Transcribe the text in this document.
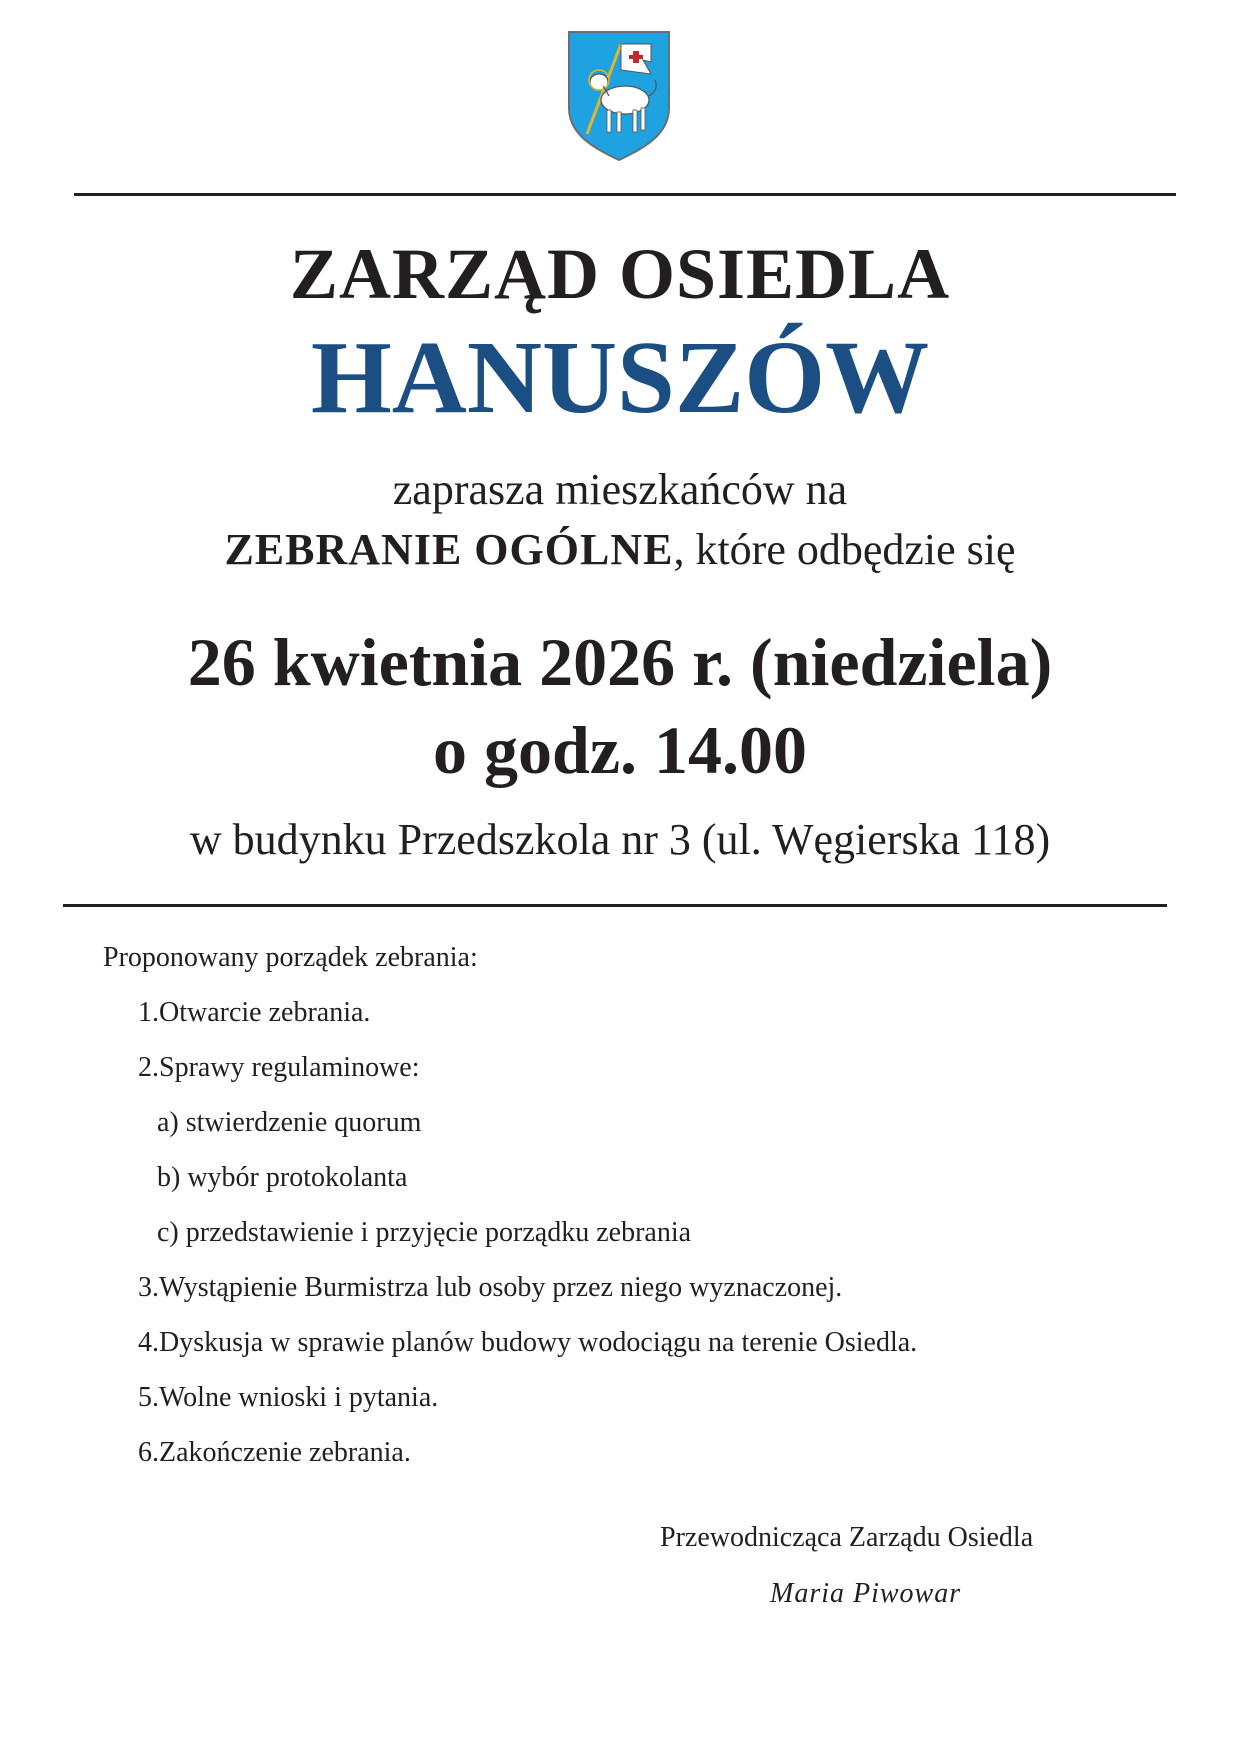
ZARZĄD OSIEDLA
HANUSZÓW
zaprasza mieszkańców na
ZEBRANIE OGÓLNE, które odbędzie się
26 kwietnia 2026 r. (niedziela)
o godz. 14.00
w budynku Przedszkola nr 3 (ul. Węgierska 118)
Proponowany porządek zebrania:
1. Otwarcie zebrania.
2. Sprawy regulaminowe:
a) stwierdzenie quorum
b) wybór protokolanta
c) przedstawienie i przyjęcie porządku zebrania
3. Wystąpienie Burmistrza lub osoby przez niego wyznaczonej.
4. Dyskusja w sprawie planów budowy wodociągu na terenie Osiedla.
5. Wolne wnioski i pytania.
6. Zakończenie zebrania.
Przewodnicząca Zarządu Osiedla
Maria Piwowar
